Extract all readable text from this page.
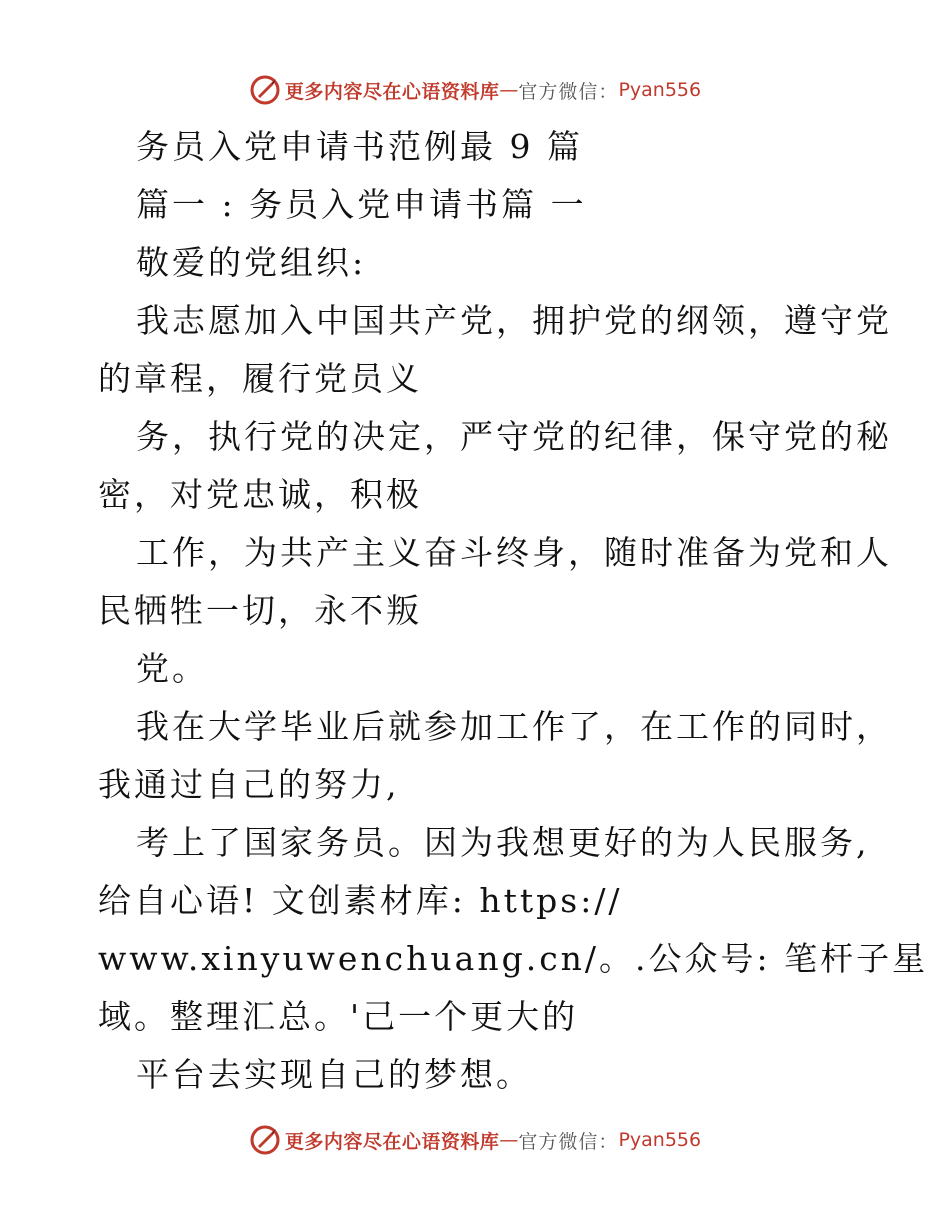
更多内容尽在心语资料库 — 官方微信： Pyan556
务员入党申请书范例最 9 篇
篇一 : 务员入党申请书篇 一
敬爱的党组织:
我志愿加入中国共产党，拥护党的纲领，遵守党
的章程，履行党员义
务，执行党的决定，严守党的纪律，保守党的秘
密，对党忠诚，积极
工作，为共产主义奋斗终身，随时准备为党和人
民牺牲一切，永不叛
党。
我在大学毕业后就参加工作了，在工作的同时，
我通过自己的努力,
考上了国家务员。因为我想更好的为人民服务,
给自心语! 文创素材库: https://
www.xinyuwenchuang.cn/。.公众号: 笔杆子星
域。整理汇总。'己一个更大的
平台去实现自己的梦想。
更多内容尽在心语资料库 — 官方微信： Pyan556
